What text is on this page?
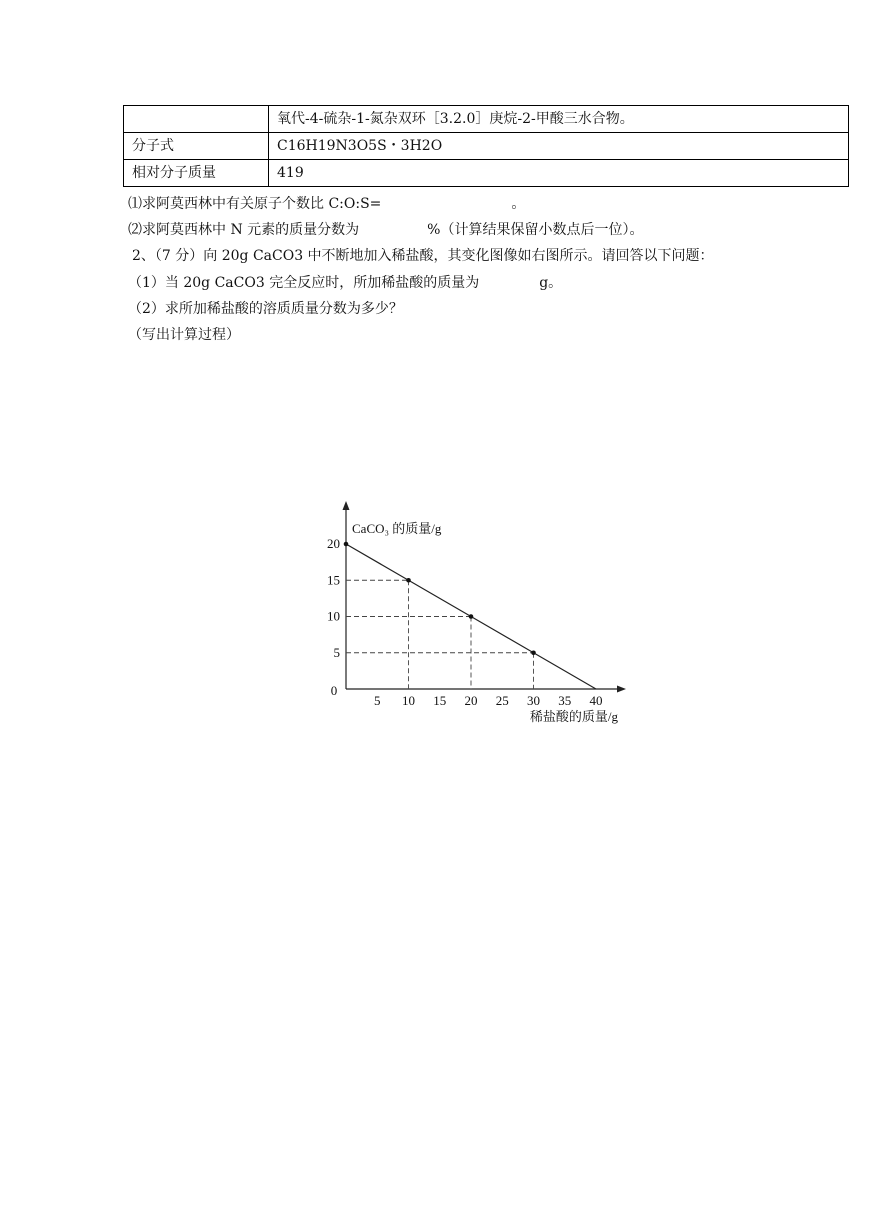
	氧代-4-硫杂-1-氮杂双环［3.2.0］庚烷-2-甲酸三水合物。
分子式	C16H19N3O5S・3H2O
相对分子质量	419
⑴求阿莫西林中有关原子个数比 C:O:S=	。
⑵求阿莫西林中 N 元素的质量分数为	%（计算结果保留小数点后一位）。
2、（7 分）向 20g CaCO3 中不断地加入稀盐酸，其变化图像如右图所示。请回答以下问题：
（1）当 20g CaCO3 完全反应时，所加稀盐酸的质量为	g。
（2）求所加稀盐酸的溶质质量分数为多少？
（写出计算过程）
5 10 15 20 25 30 35 40
5
10
15
20
0
CaCO₃ 的质量/g
稀盐酸的质量/g
